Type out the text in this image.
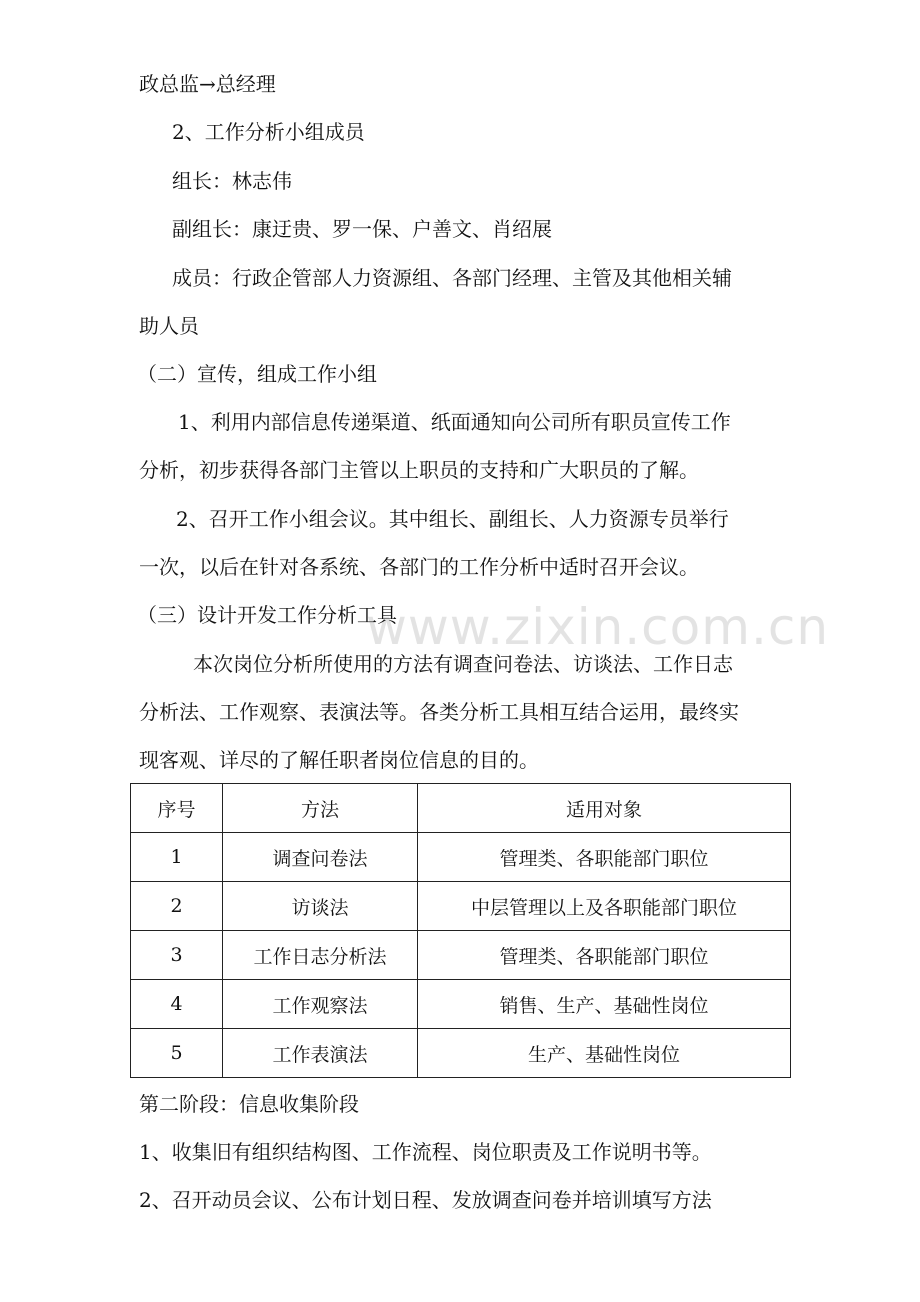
www.zixin.com.cn
政总监→总经理
2、工作分析小组成员
组长：林志伟
副组长：康迂贵、罗一保、户善文、肖绍展
成员：行政企管部人力资源组、各部门经理、主管及其他相关辅
助人员
（二）宣传，组成工作小组
1、利用内部信息传递渠道、纸面通知向公司所有职员宣传工作
分析，初步获得各部门主管以上职员的支持和广大职员的了解。
2、召开工作小组会议。其中组长、副组长、人力资源专员举行
一次，以后在针对各系统、各部门的工作分析中适时召开会议。
（三）设计开发工作分析工具
本次岗位分析所使用的方法有调查问卷法、访谈法、工作日志
分析法、工作观察、表演法等。各类分析工具相互结合运用，最终实
现客观、详尽的了解任职者岗位信息的目的。
序号	方法	适用对象
1	调查问卷法	管理类、各职能部门职位
2	访谈法	中层管理以上及各职能部门职位
3	工作日志分析法	管理类、各职能部门职位
4	工作观察法	销售、生产、基础性岗位
5	工作表演法	生产、基础性岗位
第二阶段：信息收集阶段
1、收集旧有组织结构图、工作流程、岗位职责及工作说明书等。
2、召开动员会议、公布计划日程、发放调查问卷并培训填写方法
